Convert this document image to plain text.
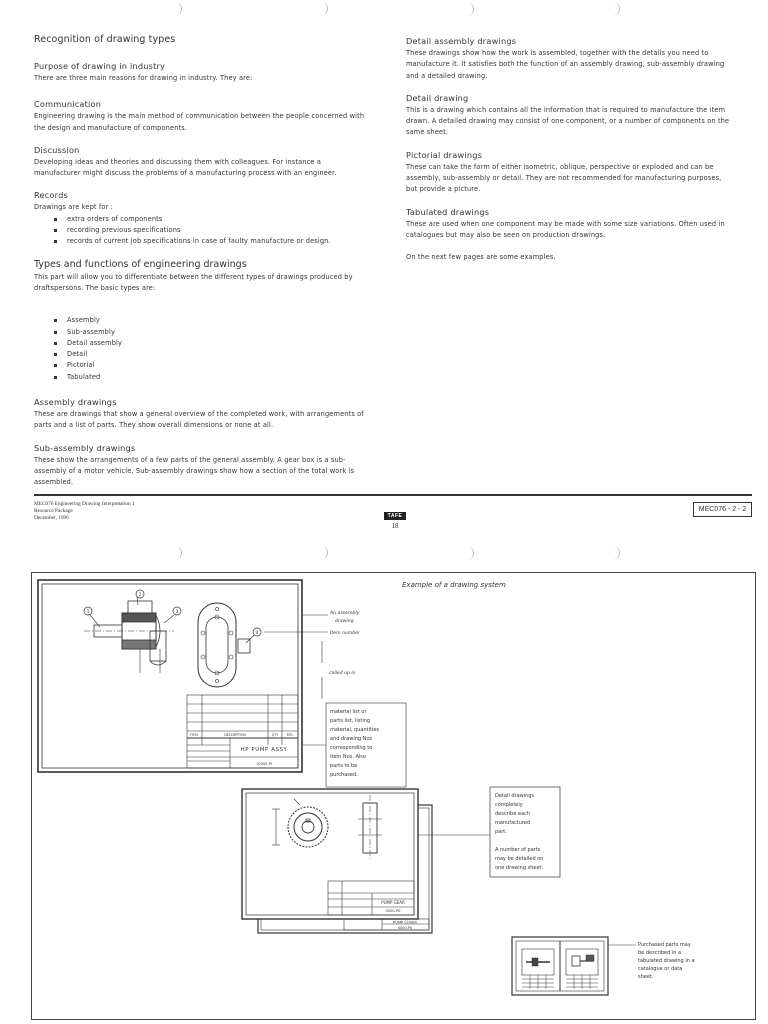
Recognition of drawing types
Purpose of drawing in industry
There are three main reasons for drawing in industry. They are:
Communication
Engineering drawing is the main method of communication between the people concerned with
the design and manufacture of components.
Discussion
Developing ideas and theories and discussing them with colleagues. For instance a
manufacturer might discuss the problems of a manufacturing process with an engineer.
Records
Drawings are kept for :
extra orders of components
recording previous specifications
records of current job specifications in case of faulty manufacture or design.
Types and functions of engineering drawings
This part will allow you to differentiate between the different types of drawings produced by
draftspersons. The basic types are:
Assembly
Sub-assembly
Detail assembly
Detail
Pictorial
Tabulated
Assembly drawings
These are drawings that show a general overview of the completed work, with arrangements of
parts and a list of parts. They show overall dimensions or none at all.
Sub-assembly drawings
These show the arrangements of a few parts of the general assembly. A gear box is a sub-
assembly of a motor vehicle. Sub-assembly drawings show how a section of the total work is
assembled.
Detail assembly drawings
These drawings show how the work is assembled, together with the details you need to
manufacture it. It satisfies both the function of an assembly drawing, sub-assembly drawing
and a detailed drawing.
Detail drawing
This is a drawing which contains all the information that is required to manufacture the item
drawn. A detailed drawing may consist of one component, or a number of components on the
same sheet.
Pictorial drawings
These can take the form of either isometric, oblique, perspective or exploded and can be
assembly, sub-assembly or detail. They are not recommended for manufacturing purposes,
but provide a picture.
Tabulated drawings
These are used when one component may be made with some size variations. Often used in
catalogues but may also be seen on production drawings.
On the next few pages are some examples.
MEC076 Engineering Drawing Interpretation 1
Resource Package
December, 1996	TAFE
18
MEC076 - 2 - 2
Example of a drawing system
1
2
3
4
ITEM	DESCRIPTION	QTY	MTL
HP PUMP ASSY
10000-PI
An assembly
drawing.
Item number
called up in
material list or
parts list, listing
material, quantities
and drawing Nos
corresponding to
item Nos. Also
parts to be
purchased.
PUMP GEAR
0000-P0
PUMP COVER
0000-P0
Detail drawings
completely
describe each
manufactured
part.
A number of parts
may be detailed on
one drawing sheet.
Purchased parts may
be described in a
tabulated drawing in a
catalogue or data
sheet.
